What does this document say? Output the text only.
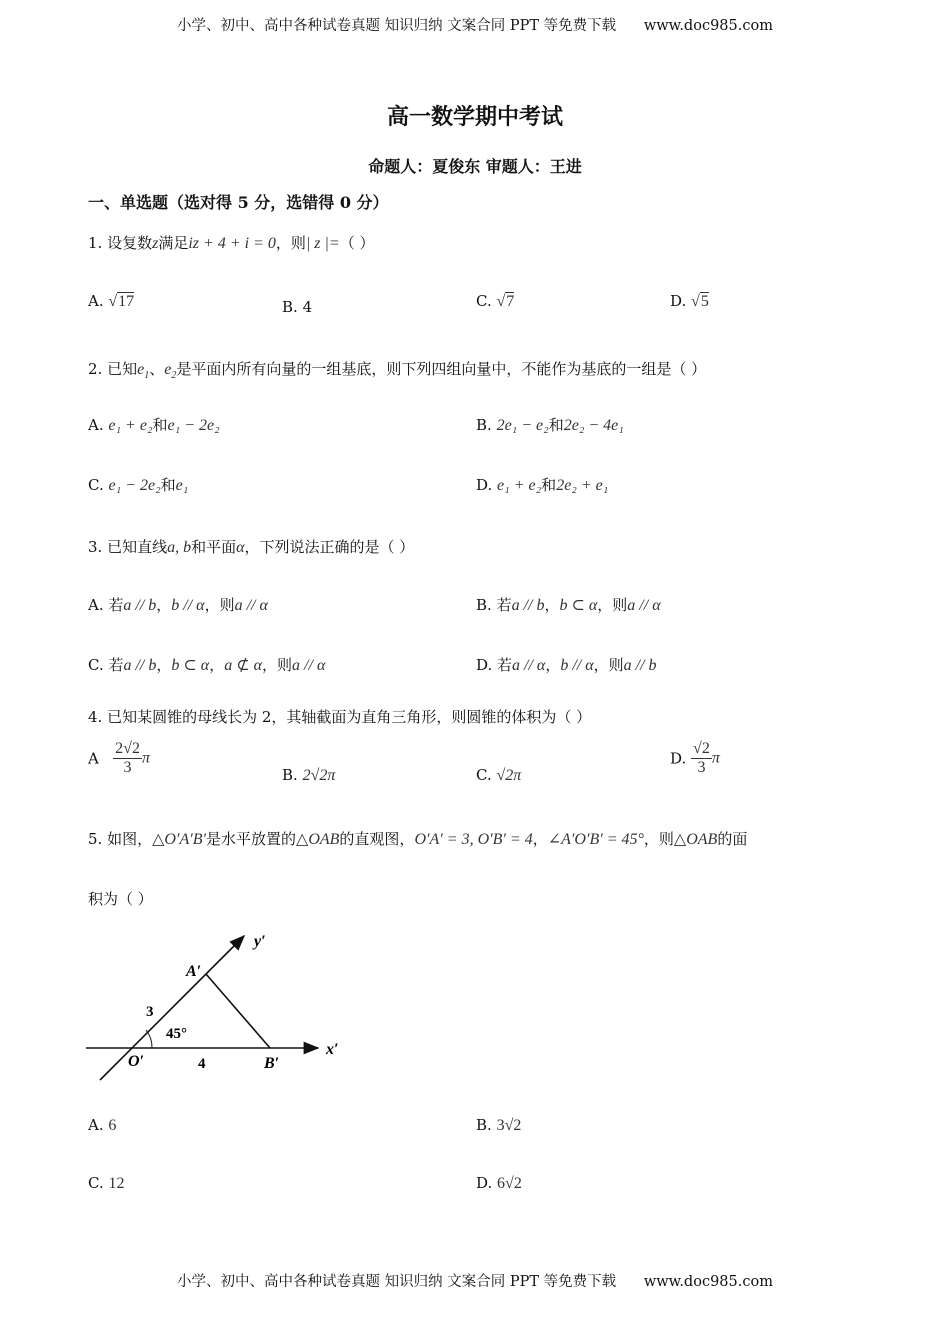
小学、初中、高中各种试卷真题 知识归纳 文案合同 PPT 等免费下载 www.doc985.com
高一数学期中考试
命题人：夏俊东 审题人：王进
一、单选题（选对得 5 分，选错得 0 分）
1. 设复数z满足iz + 4 + i = 0，则| z |=（ ）
A. √17	B. 4	C. √7	D. √5
2. 已知$e_1$、$e_2$是平面内所有向量的一组基底，则下列四组向量中，不能作为基底的一组是（ ）
A. e₁ + e₂和e₁ − 2e₂	B. 2e₁ − e₂和2e₂ − 4e₁
C. e₁ − 2e₂和e₁	D. e₁ + e₂和2e₂ + e₁
3. 已知直线a, b和平面α，下列说法正确的是（ ）
A. 若a // b，b // α，则a // α	B. 若a // b，b ⊂ α，则a // α
C. 若a // b，b ⊂ α，a ⊄ α，则a // α	D. 若a // α，b // α，则a // b
4. 已知某圆锥的母线长为 2，其轴截面为直角三角形，则圆锥的体积为（ ）
A $\frac{2√2}{3}$ π
B. 2√2π	C. √2π
D. $\frac{√2}{3}$ π
5. 如图，△O′A′B′是水平放置的△OAB的直观图，O′A′ = 3, O′B′ = 4，∠A′O′B′ = 45°，则△OAB的面
积为（ ）
y′
x′
A′
O′	B′
3
4
45°
A. 6	B. 3√2
C. 12	D. 6√2
小学、初中、高中各种试卷真题 知识归纳 文案合同 PPT 等免费下载 www.doc985.com
